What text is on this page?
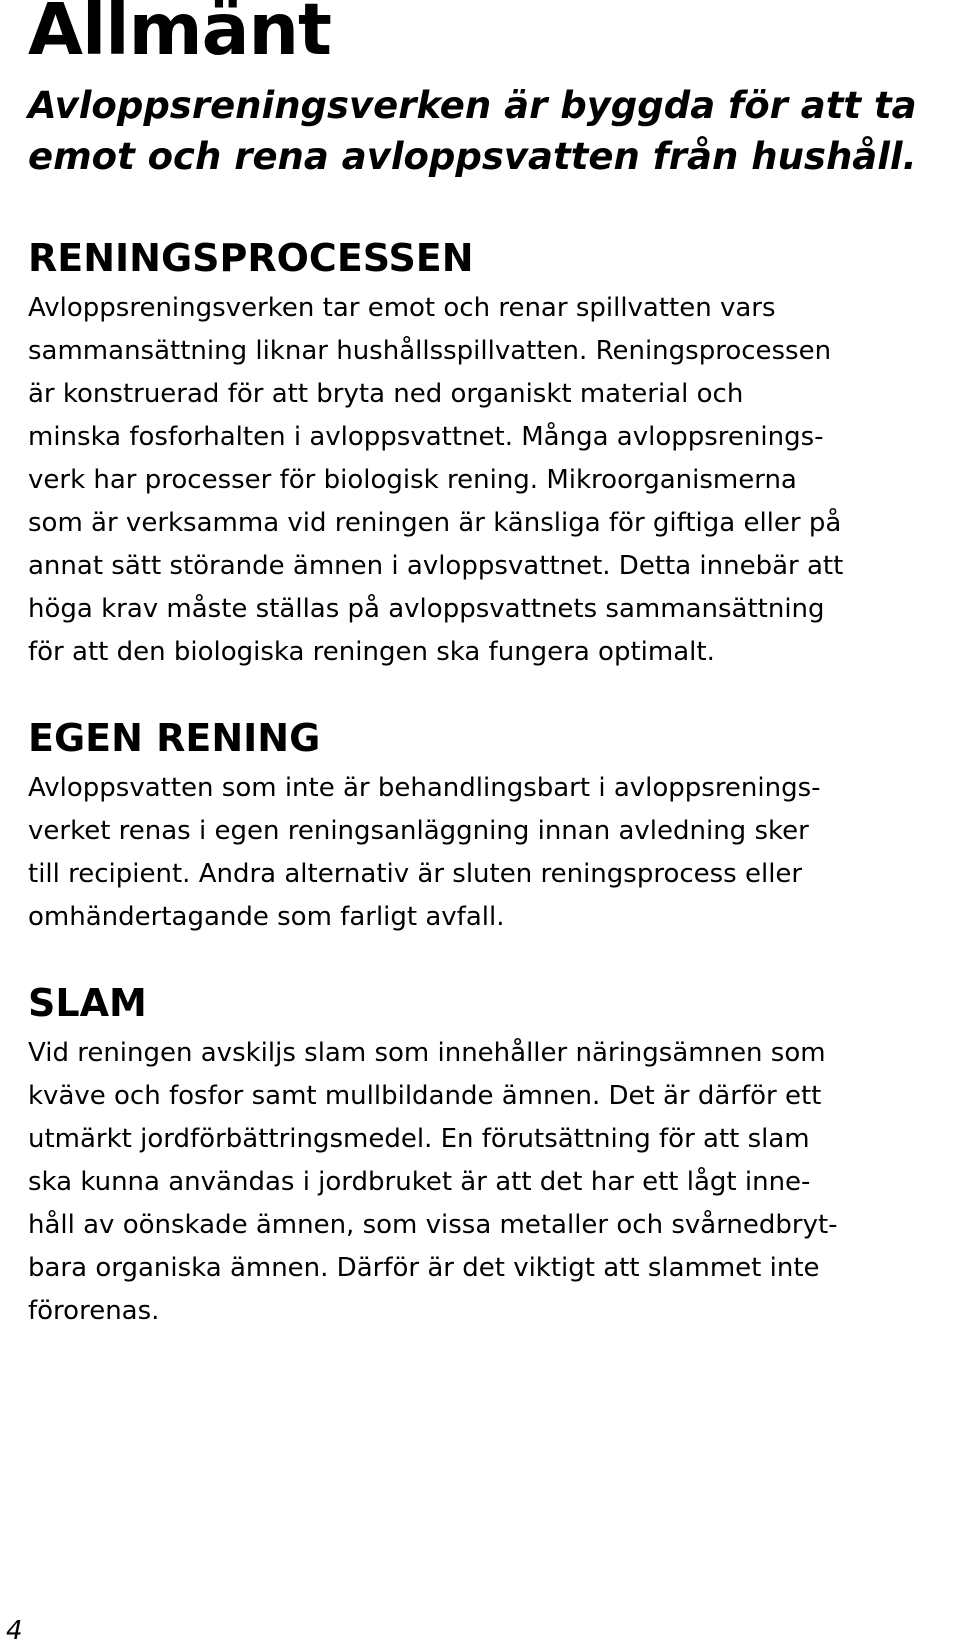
Allmänt

Avloppsreningsverken är byggda för att ta
emot och rena avloppsvatten från hushåll.

RENINGSPROCESSEN

Avloppsreningsverken tar emot och renar spillvatten vars

sammansättning liknar hushållsspillvatten. Reningsprocessen

är konstruerad för att bryta ned organiskt material och

minska fosforhalten i avloppsvattnet. Många avloppsrenings-

verk har processer för biologisk rening. Mikroorganismerna

som är verksamma vid reningen är känsliga för giftiga eller på

annat sätt störande ämnen i avloppsvattnet. Detta innebär att

höga krav måste ställas på avloppsvattnets sammansättning

för att den biologiska reningen ska fungera optimalt.

EGEN RENING

Avloppsvatten som inte är behandlingsbart i avloppsrenings-

verket renas i egen reningsanläggning innan avledning sker

till recipient. Andra alternativ är sluten reningsprocess eller

omhändertagande som farligt avfall.

SLAM

Vid reningen avskiljs slam som innehåller näringsämnen som

kväve och fosfor samt mullbildande ämnen. Det är därför ett

utmärkt jordförbättringsmedel. En förutsättning för att slam

ska kunna användas i jordbruket är att det har ett lågt inne-

håll av oönskade ämnen, som vissa metaller och svårnedbryt-

bara organiska ämnen. Därför är det viktigt att slammet inte

förorenas.

4
